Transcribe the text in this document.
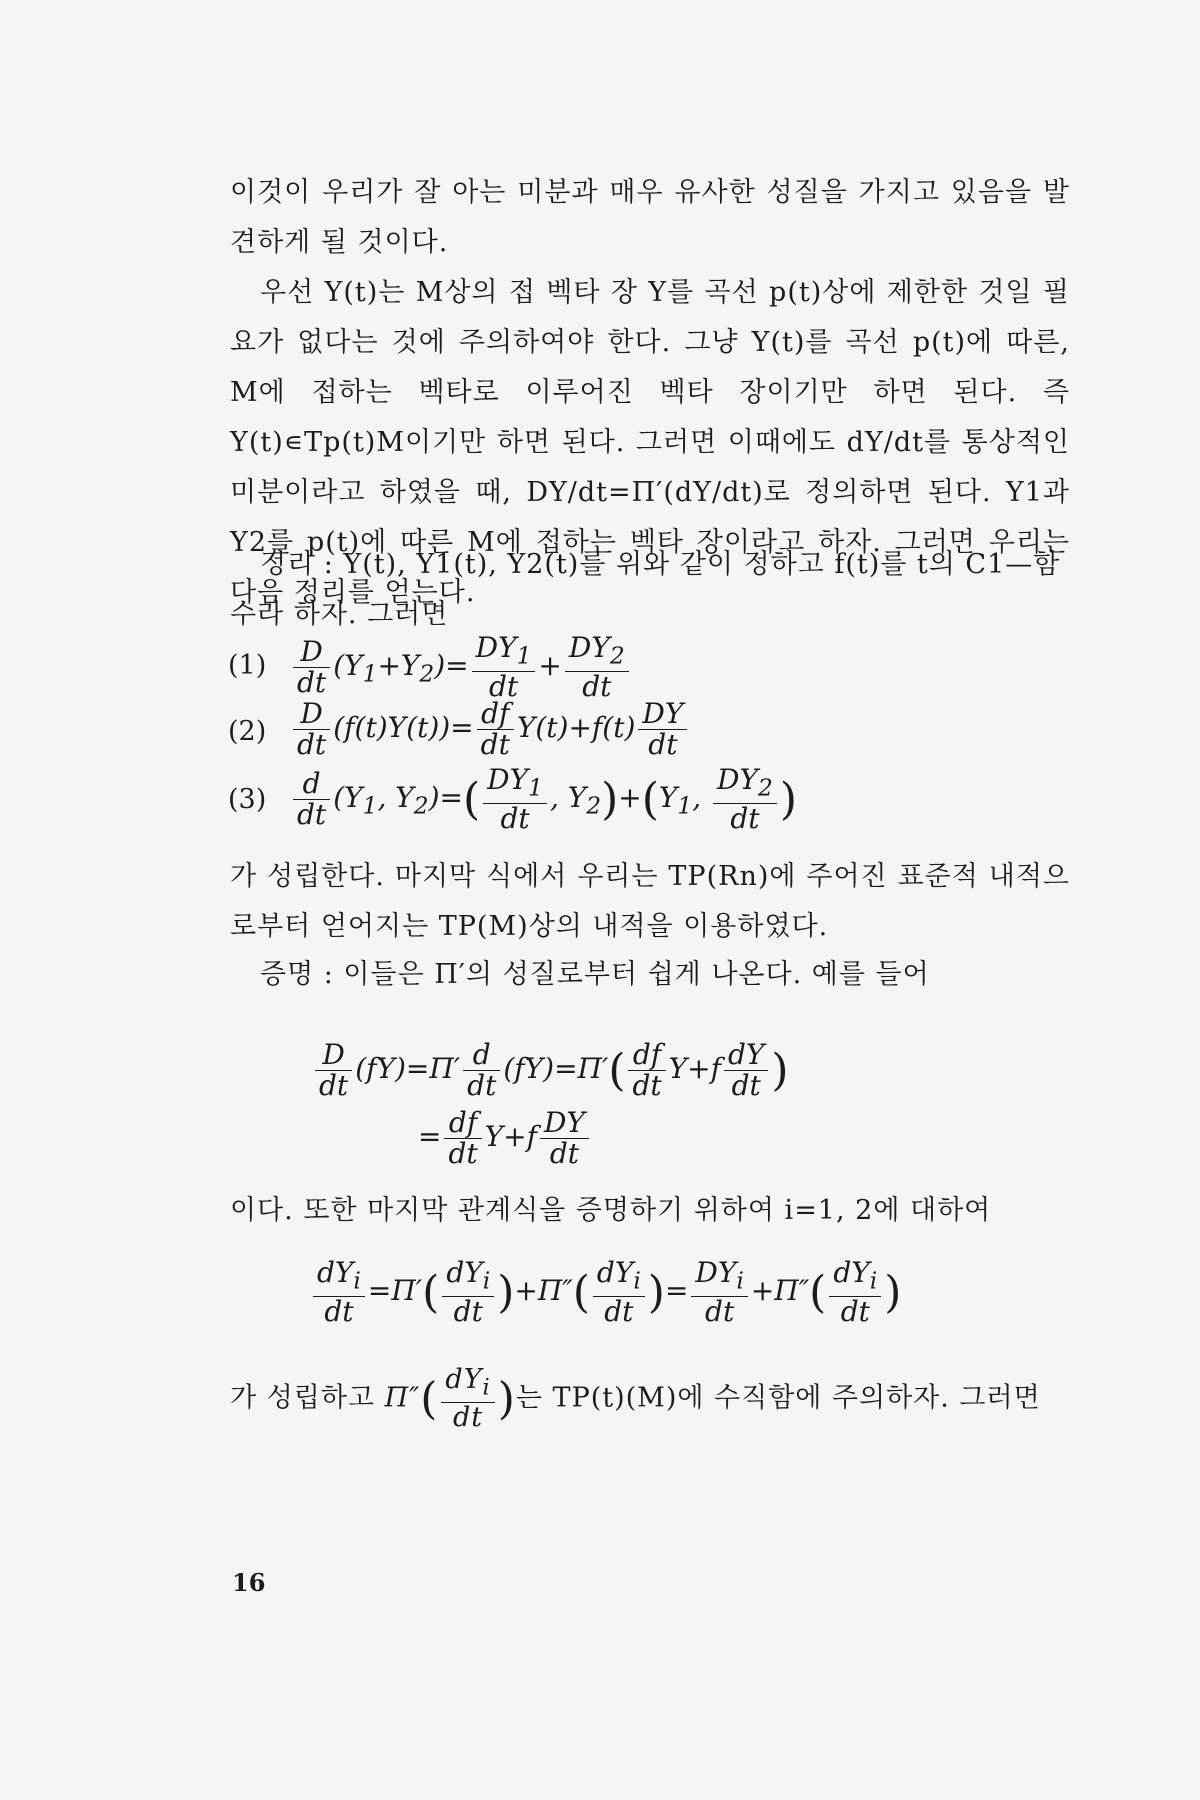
이것이 우리가 잘 아는 미분과 매우 유사한 성질을 가지고 있음을 발견하게 될 것이다.
우선 Y(t)는 M상의 접 벡타 장 Y를 곡선 p(t)상에 제한한 것일 필요가 없다는 것에 주의하여야 한다. 그냥 Y(t)를 곡선 p(t)에 따른, M에 접하는 벡타로 이루어진 벡타 장이기만 하면 된다. 즉 Y(t)∊Tp(t)M이기만 하면 된다. 그러면 이때에도 dY/dt를 통상적인 미분이라고 하였을 때, DY/dt=Π′(dY/dt)로 정의하면 된다. Y1과 Y2를 p(t)에 따른 M에 접하는 벡타 장이라고 하자. 그러면 우리는 다음 정리를 얻는다.
정리 : Y(t), Y1(t), Y2(t)를 위와 같이 정하고 f(t)를 t의 C1—함수라 하자. 그러면
$(1) \frac{D}{dt} (Y_1+Y_2)= \frac{DY_1}{dt} + \frac{DY_2}{dt}$
$(2) \frac{D}{dt} (f(t)Y(t))= \frac{df}{dt} Y(t)+f(t) \frac{DY}{dt}$
$(3) \frac{d}{dt} (Y_1$, $Y_2)=( \frac{DY_1}{dt}$ , $Y_2)+(Y_1$, $\frac{DY_2}{dt}$ )
가 성립한다. 마지막 식에서 우리는 TP(Rn)에 주어진 표준적 내적으로부터 얻어지는 TP(M)상의 내적을 이용하였다.
증명 : 이들은 Π′의 성질로부터 쉽게 나온다. 예를 들어
$\frac{D}{dt} (fY)=\Pi' \frac{d}{dt} (fY)=\Pi'( \frac{df}{dt} Y+f \frac{dY}{dt}$ )
= $\frac{df}{dt} Y+f \frac{DY}{dt}$
이다. 또한 마지막 관계식을 증명하기 위하여 i=1, 2에 대하여
$\frac{dY_i}{dt} =\Pi'( \frac{dY_i}{dt} )+\Pi''( \frac{dY_i}{dt}$ )= $\frac{DY_i}{dt} +\Pi''( \frac{dY_i}{dt}$ )
가 성립하고 $\Pi''( \frac{dY_i}{dt}$ )는 TP(t)(M)에 수직함에 주의하자. 그러면
16
